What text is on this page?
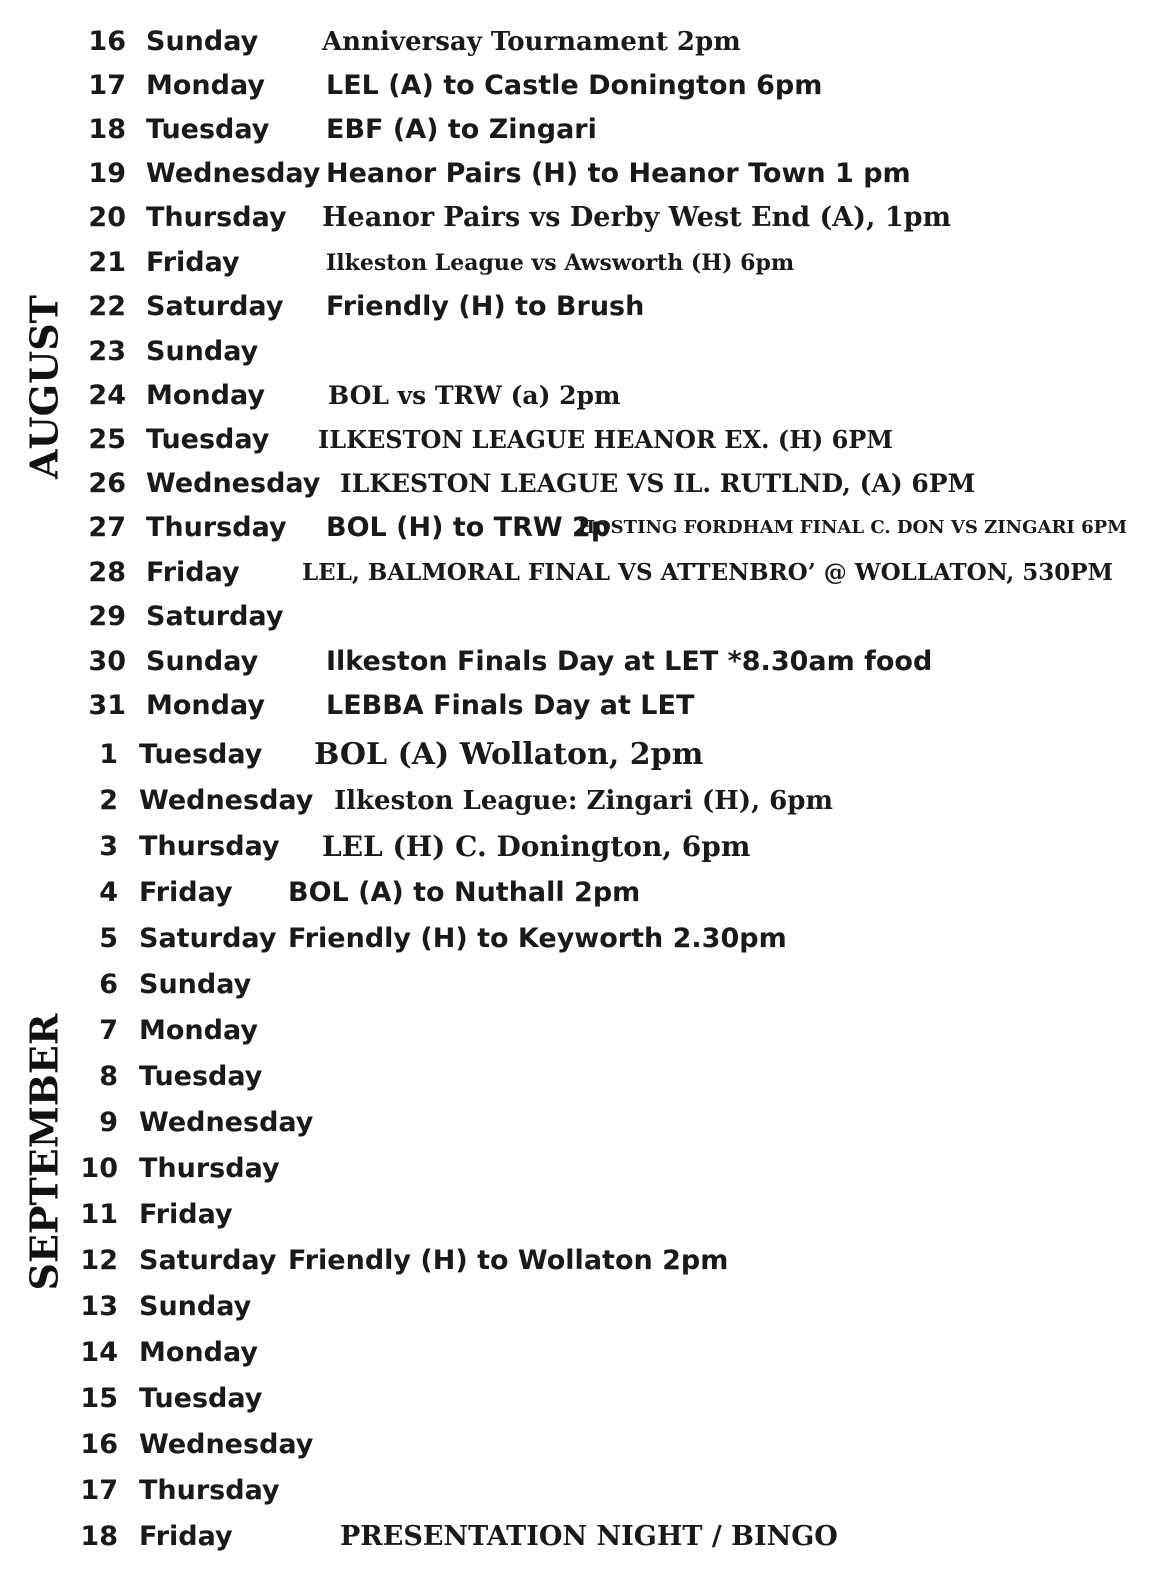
AUGUST
SEPTEMBER
16 Sunday Anniversay Tournament 2pm
17 Monday LEL (A) to Castle Donington 6pm
18 Tuesday EBF (A) to Zingari
19 Wednesday Heanor Pairs (H) to Heanor Town 1 pm
20 Thursday Heanor Pairs vs Derby West End (A), 1pm
21 Friday	Ilkeston League vs Awsworth (H) 6pm
22 Saturday Friendly (H) to Brush
23 Sunday
24 Monday	BOL vs TRW (a) 2pm
25 Tuesday ILKESTON LEAGUE HEANOR EX. (H) 6PM
26 Wednesday ILKESTON LEAGUE VS IL. RUTLND, (A) 6PM
27 Thursday BOL (H) to TRW 2p
HOSTING FORDHAM FINAL C. DON VS ZINGARI 6PM
28 Friday	LEL, BALMORAL FINAL VS ATTENBRO’ @ WOLLATON, 530PM
29 Saturday
30 Sunday	Ilkeston Finals Day at LET *8.30am food
31 Monday LEBBA Finals Day at LET
1 Tuesday BOL (A) Wollaton, 2pm
2 Wednesday Ilkeston League: Zingari (H), 6pm
3 Thursday LEL (H) C. Donington, 6pm
4 Friday BOL (A) to Nuthall 2pm
5 Saturday Friendly (H) to Keyworth 2.30pm
6 Sunday
7 Monday
8 Tuesday
9 Wednesday
10 Thursday
11 Friday
12 Saturday Friendly (H) to Wollaton 2pm
13 Sunday
14 Monday
15 Tuesday
16 Wednesday
17 Thursday
18 Friday	PRESENTATION NIGHT / BINGO
